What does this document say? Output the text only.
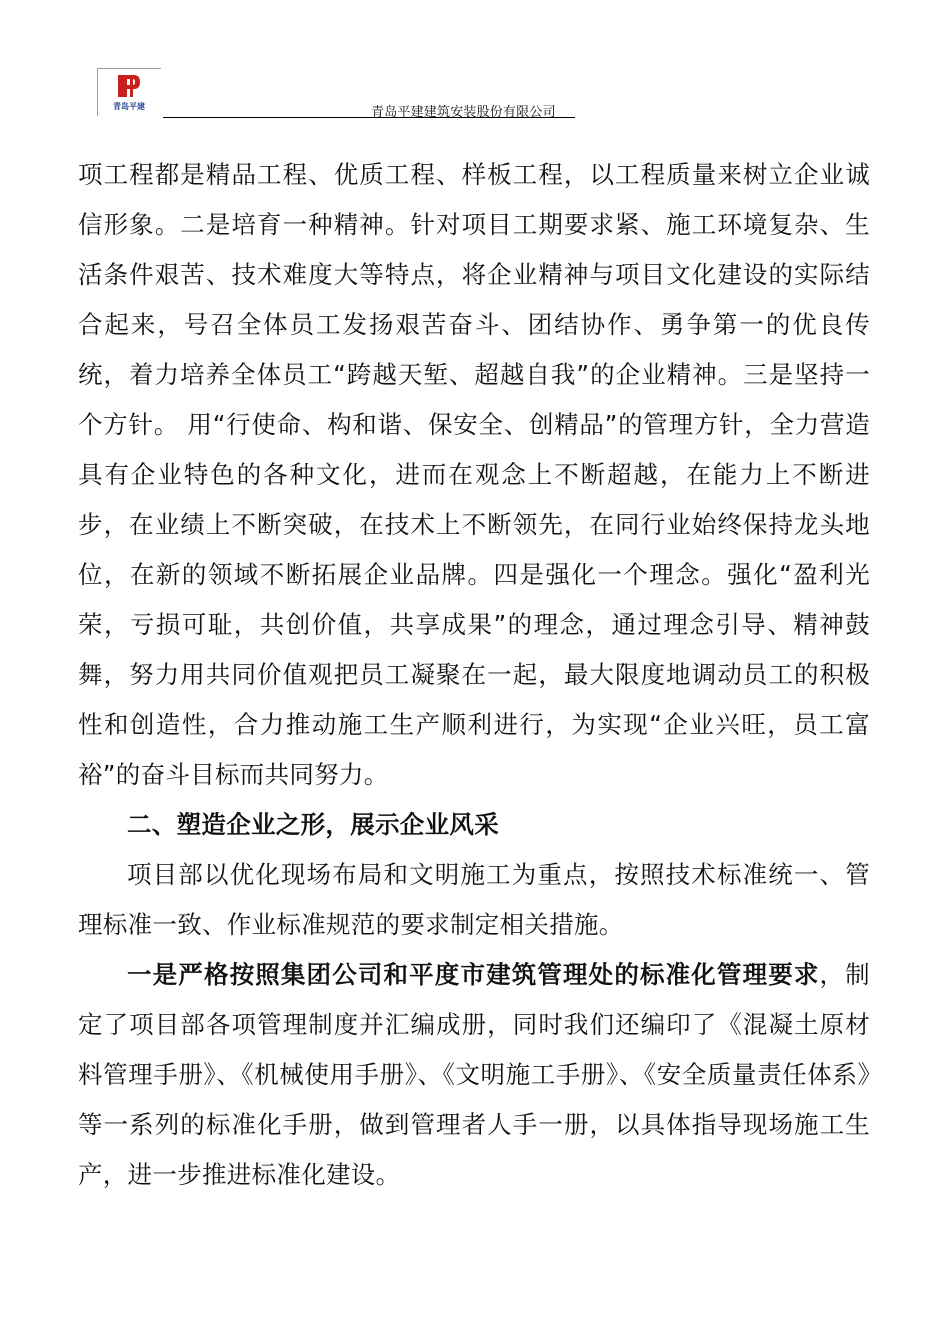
青岛平建	青岛平建建筑安装股份有限公司

项工程都是精品工程、优质工程、样板工程，以工程质量来树立企业诚信形象。二是培育一种精神。针对项目工期要求紧、施工环境复杂、生活条件艰苦、技术难度大等特点，将企业精神与项目文化建设的实际结合起来，号召全体员工发扬艰苦奋斗、团结协作、勇争第一的优良传统，着力培养全体员工“跨越天堑、超越自我”的企业精神。三是坚持一个方针。 用“行使命、构和谐、保安全、创精品”的管理方针，全力营造具有企业特色的各种文化，进而在观念上不断超越，在能力上不断进步，在业绩上不断突破，在技术上不断领先，在同行业始终保持龙头地位，在新的领域不断拓展企业品牌。四是强化一个理念。强化“盈利光荣，亏损可耻，共创价值，共享成果”的理念，通过理念引导、精神鼓舞，努力用共同价值观把员工凝聚在一起，最大限度地调动员工的积极性和创造性，合力推动施工生产顺利进行，为实现“企业兴旺，员工富裕”的奋斗目标而共同努力。

二、塑造企业之形，展示企业风采

项目部以优化现场布局和文明施工为重点，按照技术标准统一、管理标准一致、作业标准规范的要求制定相关措施。

一是严格按照集团公司和平度市建筑管理处的标准化管理要求，制定了项目部各项管理制度并汇编成册，同时我们还编印了《混凝土原材料管理手册》、《机械使用手册》、《文明施工手册》、《安全质量责任体系》等一系列的标准化手册，做到管理者人手一册，以具体指导现场施工生产，进一步推进标准化建设。
